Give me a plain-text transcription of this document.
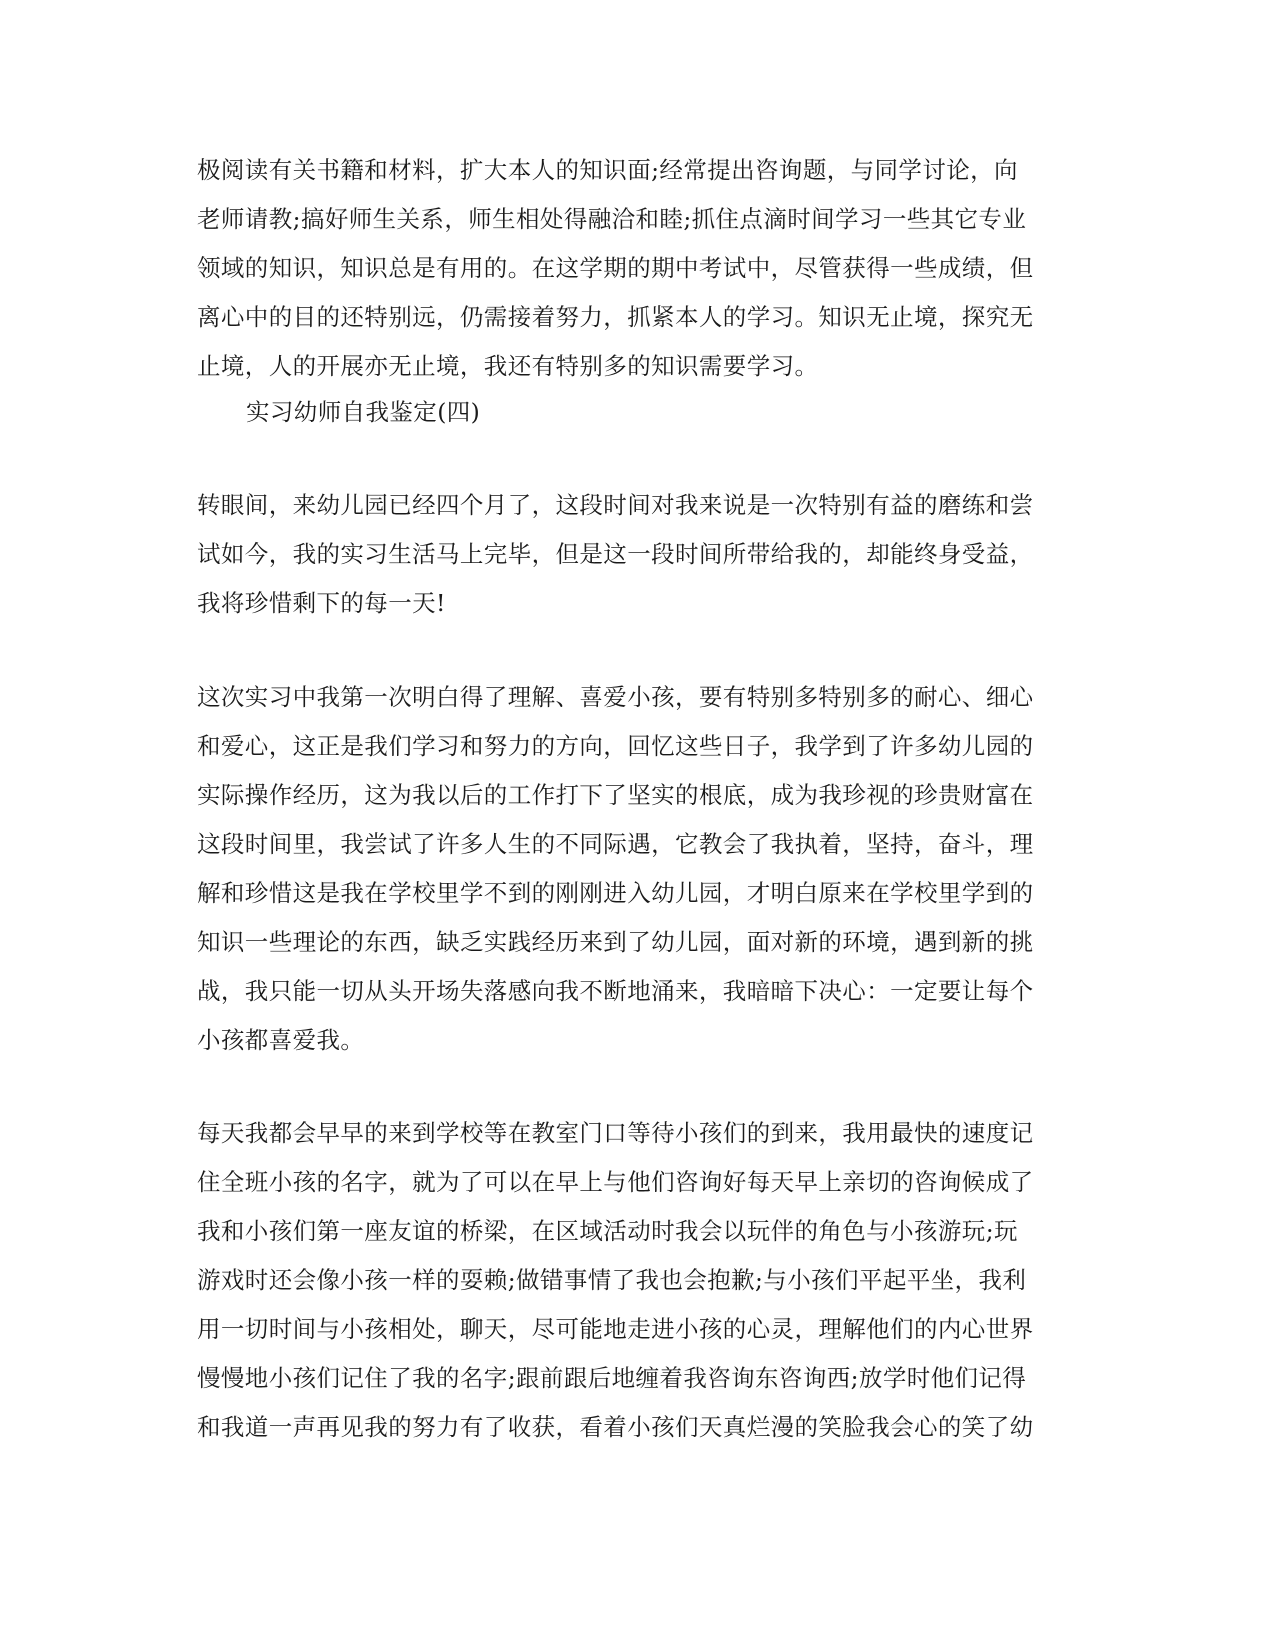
极阅读有关书籍和材料，扩大本人的知识面;经常提出咨询题，与同学讨论，向
老师请教;搞好师生关系，师生相处得融洽和睦;抓住点滴时间学习一些其它专业
领域的知识，知识总是有用的。在这学期的期中考试中，尽管获得一些成绩，但
离心中的目的还特别远，仍需接着努力，抓紧本人的学习。知识无止境，探究无
止境，人的开展亦无止境，我还有特别多的知识需要学习。

实习幼师自我鉴定(四)

转眼间，来幼儿园已经四个月了，这段时间对我来说是一次特别有益的磨练和尝
试如今，我的实习生活马上完毕，但是这一段时间所带给我的，却能终身受益，
我将珍惜剩下的每一天!

这次实习中我第一次明白得了理解、喜爱小孩，要有特别多特别多的耐心、细心
和爱心，这正是我们学习和努力的方向，回忆这些日子，我学到了许多幼儿园的
实际操作经历，这为我以后的工作打下了坚实的根底，成为我珍视的珍贵财富在
这段时间里，我尝试了许多人生的不同际遇，它教会了我执着，坚持，奋斗，理
解和珍惜这是我在学校里学不到的刚刚进入幼儿园，才明白原来在学校里学到的
知识一些理论的东西，缺乏实践经历来到了幼儿园，面对新的环境，遇到新的挑
战，我只能一切从头开场失落感向我不断地涌来，我暗暗下决心：一定要让每个
小孩都喜爱我。

每天我都会早早的来到学校等在教室门口等待小孩们的到来，我用最快的速度记
住全班小孩的名字，就为了可以在早上与他们咨询好每天早上亲切的咨询候成了
我和小孩们第一座友谊的桥梁，在区域活动时我会以玩伴的角色与小孩游玩;玩
游戏时还会像小孩一样的耍赖;做错事情了我也会抱歉;与小孩们平起平坐，我利
用一切时间与小孩相处，聊天，尽可能地走进小孩的心灵，理解他们的内心世界
慢慢地小孩们记住了我的名字;跟前跟后地缠着我咨询东咨询西;放学时他们记得
和我道一声再见我的努力有了收获，看着小孩们天真烂漫的笑脸我会心的笑了幼
